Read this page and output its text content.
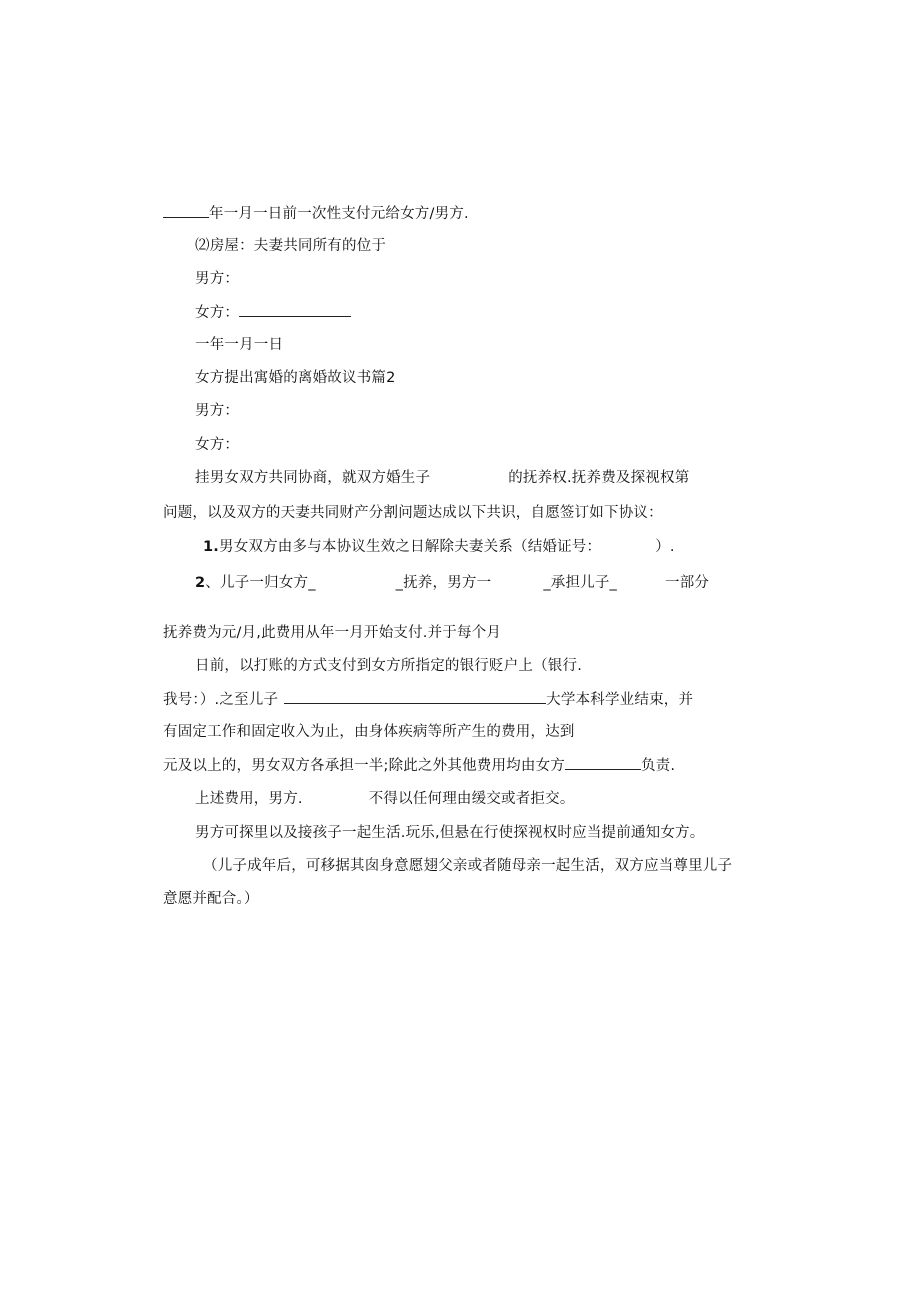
年一月一日前一次性支付元给女方/男方.
⑵房屋：夫妻共同所有的位于
男方：
女方：
一年一月一日
女方提出寓婚的离婚故议书篇2
男方：
女方：
挂男女双方共同协商，就双方婚生子	的抚养权.抚养费及探视权第
问题，以及双方的天妻共同财产分割问题达成以下共识，自愿签订如下协议：
1.男女双方由多与本协议生效之日解除夫妻关系（结婚证号：	）.
2、儿子一归女方_	_抚养，男方一	_承担儿子_	一部分
抚养费为元/月,此费用从年一月开始支付.并于每个月
日前，以打账的方式支付到女方所指定的银行贬户上（银行.
我号：）.之至儿子	大学本科学业结束，并
有固定工作和固定收入为止，由身体疾病等所产生的费用，达到
元及以上的，男女双方各承担一半;除此之外其他费用均由女方	负责.
上述费用，男方.	不得以任何理由缓交或者拒交。
男方可探里以及接孩子一起生活.玩乐,但悬在行使探视权时应当提前通知女方。
（儿子成年后，可移据其囱身意愿翅父亲或者随母亲一起生活，双方应当尊里儿子
意愿并配合。）
